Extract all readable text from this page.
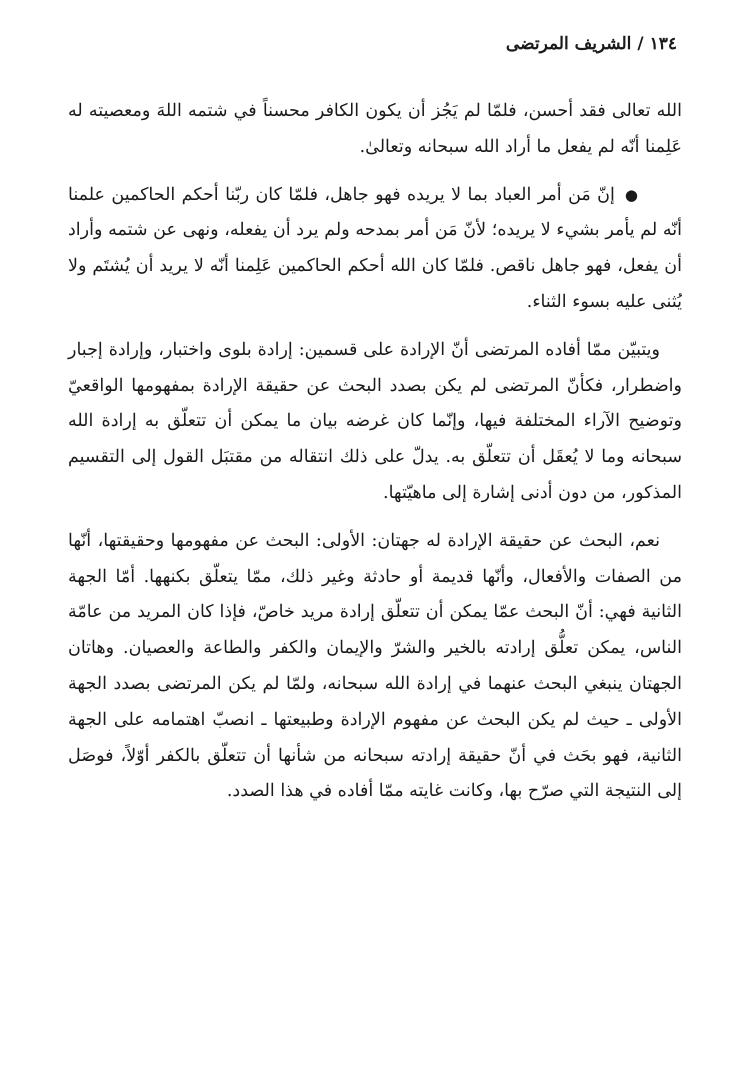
١٣٤/الشريف المرتضى

الله تعالى فقد أحسن، فلمّا لم يَجُز أن يكون الكافر محسناً في شتمه اللهَ ومعصيته له عَلِمنا أنّه لم يفعل ما أراد الله سبحانه وتعالىٰ.

●إنّ مَن أمر العباد بما لا يريده فهو جاهل، فلمّا كان ربّنا أحكم الحاكمين علمنا أنّه لم يأمر بشيء لا يريده؛ لأنّ مَن أمر بمدحه ولم يرد أن يفعله، ونهى عن شتمه وأراد أن يفعل، فهو جاهل ناقص. فلمّا كان الله أحكم الحاكمين عَلِمنا أنّه لا يريد أن يُشتَم ولا يُثنى عليه بسوء الثناء.

ويتبيّن ممّا أفاده المرتضى أنّ الإرادة على قسمين: إرادة بلوى واختبار، وإرادة إجبار واضطرار، فكأنّ المرتضى لم يكن بصدد البحث عن حقيقة الإرادة بمفهومها الواقعيّ وتوضيح الآراء المختلفة فيها، وإنّما كان غرضه بيان ما يمكن أن تتعلّق به إرادة الله سبحانه وما لا يُعقَل أن تتعلّق به. يدلّ على ذلك انتقاله من مقتبَل القول إلى التقسيم المذكور، من دون أدنى إشارة إلى ماهيّتها.

نعم، البحث عن حقيقة الإرادة له جهتان: الأولى: البحث عن مفهومها وحقيقتها، أنّها من الصفات والأفعال، وأنّها قديمة أو حادثة وغير ذلك، ممّا يتعلّق بكنهها. أمّا الجهة الثانية فهي: أنّ البحث عمّا يمكن أن تتعلّق إرادة مريد خاصّ، فإذا كان المريد من عامّة الناس، يمكن تعلُّق إرادته بالخير والشرّ والإيمان والكفر والطاعة والعصيان. وهاتان الجهتان ينبغي البحث عنهما في إرادة الله سبحانه، ولمّا لم يكن المرتضى بصدد الجهة الأولى ـ حيث لم يكن البحث عن مفهوم الإرادة وطبيعتها ـ انصبّ اهتمامه على الجهة الثانية، فهو بحَث في أنّ حقيقة إرادته سبحانه من شأنها أن تتعلّق بالكفر أوّلاً، فوصَل إلى النتيجة التي صرّح بها، وكانت غايته ممّا أفاده في هذا الصدد.
